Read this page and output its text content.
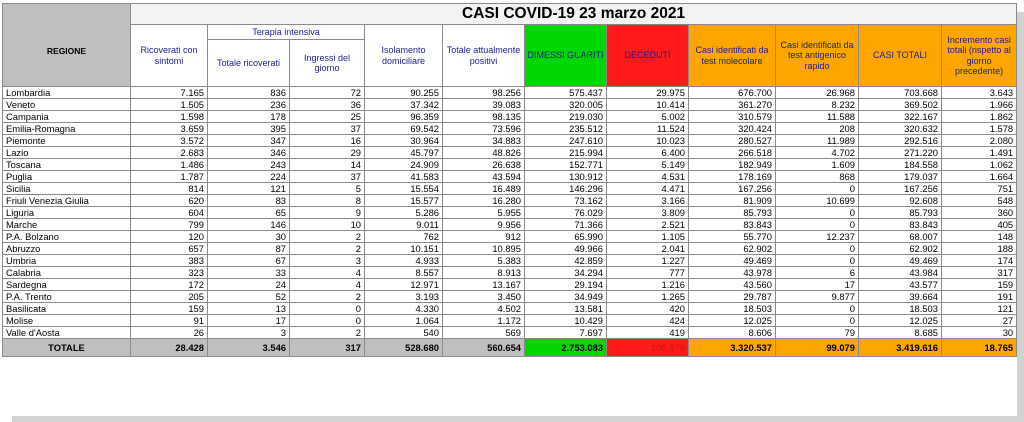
REGIONE	CASI COVID-19 23 marzo 2021										
	Ricoverati con sintomi	Terapia intensiva		Isolamento domiciliare	Totale attualmente positivi	DIMESSI GUARITI	DECEDUTI	Casi identificati da test molecolare	Casi identificati da test antigenico rapido	CASI TOTALI	Incremento casi totali (rispetto al giorno precedente)
		Totale ricoverati	Ingressi del giorno								
Lombardia	7.165	836	72	90.255	98.256	575.437	29.975	676.700	26.968	703.668	3.643
Veneto	1.505	236	36	37.342	39.083	320.005	10.414	361.270	8.232	369.502	1.966
Campania	1.598	178	25	96.359	98.135	219.030	5.002	310.579	11.588	322.167	1.862
Emilia-Romagna	3.659	395	37	69.542	73.596	235.512	11.524	320.424	208	320.632	1.578
Piemonte	3.572	347	16	30.964	34.883	247.610	10.023	280.527	11.989	292.516	2.080
Lazio	2.683	346	29	45.797	48.826	215.994	6.400	266.518	4.702	271.220	1.491
Toscana	1.486	243	14	24.909	26.638	152.771	5.149	182.949	1.609	184.558	1.062
Puglia	1.787	224	37	41.583	43.594	130.912	4.531	178.169	868	179.037	1.664
Sicilia	814	121	5	15.554	16.489	146.296	4.471	167.256	0	167.256	751
Friuli Venezia Giulia	620	83	8	15.577	16.280	73.162	3.166	81.909	10.699	92.608	548
Liguria	604	65	9	5.286	5.955	76.029	3.809	85.793	0	85.793	360
Marche	799	146	10	9.011	9.956	71.366	2.521	83.843	0	83.843	405
P.A. Bolzano	120	30	2	762	912	65.990	1.105	55.770	12.237	68.007	148
Abruzzo	657	87	2	10.151	10.895	49.966	2.041	62.902	0	62.902	188
Umbria	383	67	3	4.933	5.383	42.859	1.227	49.469	0	49.469	174
Calabria	323	33	4	8.557	8.913	34.294	777	43.978	6	43.984	317
Sardegna	172	24	4	12.971	13.167	29.194	1.216	43.560	17	43.577	159
P.A. Trento	205	52	2	3.193	3.450	34.949	1.265	29.787	9.877	39.664	191
Basilicata	159	13	0	4.330	4.502	13.581	420	18.503	0	18.503	121
Molise	91	17	0	1.064	1.172	10.429	424	12.025	0	12.025	27
Valle d'Aosta	26	3	2	540	569	7.697	419	8.606	79	8.685	30
TOTALE	28.428	3.546	317	528.680	560.654	2.753.083	105.879	3.320.537	99.079	3.419.616	18.765
